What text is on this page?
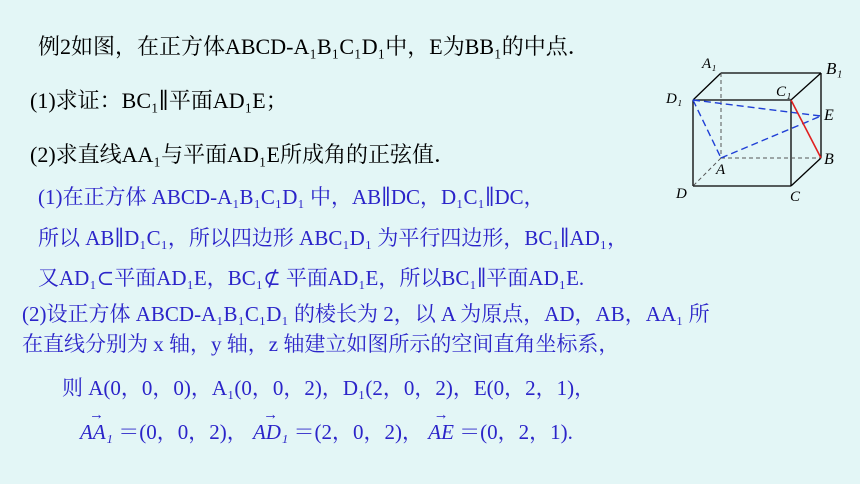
例2如图，在正方体ABCD-A₁B₁C₁D₁中，E为BB₁的中点．
(1)求证：BC₁∥平面AD₁E；
(2)求直线AA₁与平面AD₁E所成角的正弦值．
(1)在正方体 ABCD-A₁B₁C₁D₁ 中，AB∥DC，D₁C₁∥DC，
所以 AB∥D₁C₁，所以四边形 ABC₁D₁ 为平行四边形，BC₁∥AD₁，
又AD₁⊂平面AD₁E，BC₁⊄ 平面AD₁E，所以BC₁∥平面AD₁E.
(2)设正方体 ABCD-A₁B₁C₁D₁ 的棱长为 2，以 A 为原点，AD，AB，AA₁ 所
在直线分别为 x 轴，y 轴，z 轴建立如图所示的空间直角坐标系，
则 A(0，0，0)，A₁(0，0，2)，D₁(2，0，2)，E(0，2，1)，
→
AA₁ ＝(0，0，2)，
→
AD₁ ＝(2，0，2)，
→
AE ＝(0，2，1).
A₁	B₁
C₁
D₁
E
B
A
C
D
